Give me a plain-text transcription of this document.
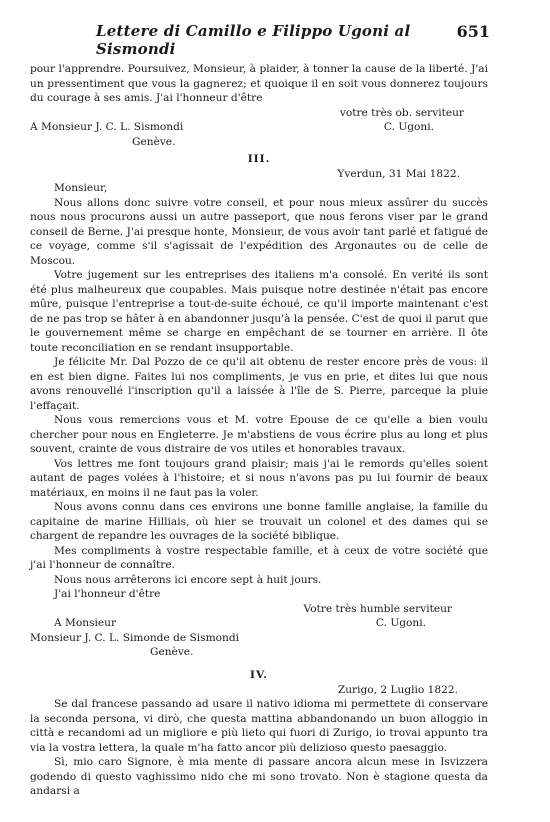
Lettere di Camillo e Filippo Ugoni al Sismondi
651

pour l'apprendre. Poursuivez, Monsieur, à plaider, à tonner la cause de la liberté. J'ai un pressentiment que vous la gagnerez; et quoique il en soit vous donnerez toujours du courage à ses amis. J'ai l'honneur d'être

votre très ob. serviteur
A Monsieur J. C. L. Sismondi	C. Ugoni.
Genève.
III.
Yverdun, 31 Mai 1822.

Monsieur,

Nous allons donc suivre votre conseil, et pour nous mieux assûrer du succès nous nous procurons aussi un autre passeport, que nous ferons viser par le grand conseil de Berne. J'ai presque honte, Monsieur, de vous avoir tant parlé et fatigué de ce voyage, comme s'il s'agissait de l'expédition des Argonautes ou de celle de Moscou.

Votre jugement sur les entreprises des italiens m'a consolé. En verité ils sont été plus malheureux que coupables. Mais puisque notre destinée n'était pas encore mûre, puisque l'entreprise a tout-de-suite échoué, ce qu'il importe maintenant c'est de ne pas trop se hâter à en abandonner jusqu'à la pensée. C'est de quoi il parut que le gouvernement même se charge en empêchant de se tourner en arrière. Il ôte toute reconciliation en se rendant insupportable.

Je félicite Mr. Dal Pozzo de ce qu'il ait obtenu de rester encore près de vous: il en est bien digne. Faites lui nos compliments, je vus en prie, et dites lui que nous avons renouvellé l'inscription qu'il a laissée à l'île de S. Pierre, parceque la pluie l'effaçait.

Nous vous remercions vous et M. votre Epouse de ce qu'elle a bien voulu chercher pour nous en Engleterre. Je m'abstiens de vous écrire plus au long et plus souvent, crainte de vous distraire de vos utiles et honorables travaux.

Vos lettres me font toujours grand plaisir; mais j'ai le remords qu'elles soient autant de pages volées à l'histoire; et si nous n'avons pas pu lui fournir de beaux matériaux, en moins il ne faut pas la voler.

Nous avons connu dans ces environs une bonne famille anglaise, la famille du capitaine de marine Hilliais, où hier se trouvait un colonel et des dames qui se chargent de repandre les ouvrages de la société biblique.

Mes compliments à vostre respectable famille, et à ceux de votre société que j'ai l'honneur de connaître.

Nous nous arrêterons ici encore sept à huit jours.

J'ai l'honneur d'être

Votre très humble serviteur
A Monsieur	C. Ugoni.
Monsieur J. C. L. Simonde de Sismondi
Genève.
IV.
Zurigo, 2 Luglio 1822.

Se dal francese passando ad usare il nativo idioma mi permettete di conservare la seconda persona, vi dirò, che questa mattina abbandonando un buon alloggio in città e recandomi ad un migliore e più lieto qui fuori di Zurigo, io trovai appunto tra via la vostra lettera, la quale m'ha fatto ancor più delizioso questo paesaggio.

Sì, mio caro Signore, è mia mente di passare ancora alcun mese in Isvizzera godendo di questo vaghissimo nido che mi sono trovato. Non è stagione questa da andarsi a
